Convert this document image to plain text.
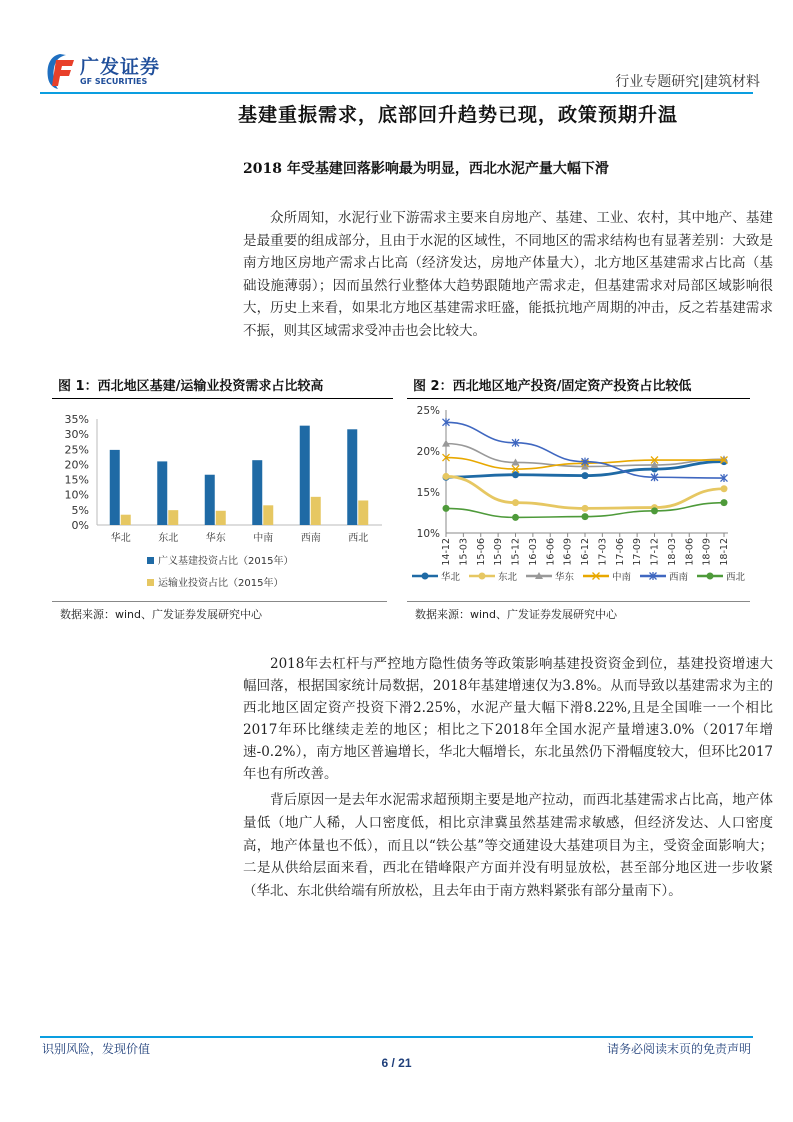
广发证券
GF SECURITIES	行业专题研究|建筑材料
基建重振需求，底部回升趋势已现，政策预期升温
2018 年受基建回落影响最为明显，西北水泥产量大幅下滑
众所周知，水泥行业下游需求主要来自房地产、基建、工业、农村，其中地产、基建是最重要的组成部分，且由于水泥的区域性，不同地区的需求结构也有显著差别：大致是南方地区房地产需求占比高（经济发达，房地产体量大），北方地区基建需求占比高（基础设施薄弱）；因而虽然行业整体大趋势跟随地产需求走，但基建需求对局部区域影响很大，历史上来看，如果北方地区基建需求旺盛，能抵抗地产周期的冲击，反之若基建需求不振，则其区域需求受冲击也会比较大。
图 1：西北地区基建/运输业投资需求占比较高
0%
5%
10%
15%
20%
25%
30%
35%
华北	东北	华东	中南	西南	西北
广义基建投资占比（2015年）
运输业投资占比（2015年）
数据来源：wind、广发证券发展研究中心
图 2：西北地区地产投资/固定资产投资占比较低
10%
15%
20%
25%
14-12 15-03 15-06 15-09 15-12 16-03 16-06 16-09 16-12 17-03 17-06 17-09 17-12 18-03 18-06 18-09 18-12
华北	东北	华东	中南	西南	西北
数据来源：wind、广发证券发展研究中心
2018年去杠杆与严控地方隐性债务等政策影响基建投资资金到位，基建投资增速大幅回落，根据国家统计局数据，2018年基建增速仅为3.8%。从而导致以基建需求为主的西北地区固定资产投资下滑2.25%，水泥产量大幅下滑8.22%,且是全国唯一一个相比2017年环比继续走差的地区；相比之下2018年全国水泥产量增速3.0%（2017年增速-0.2%），南方地区普遍增长，华北大幅增长，东北虽然仍下滑幅度较大，但环比2017年也有所改善。
背后原因一是去年水泥需求超预期主要是地产拉动，而西北基建需求占比高，地产体量低（地广人稀，人口密度低，相比京津冀虽然基建需求敏感，但经济发达、人口密度高，地产体量也不低），而且以“铁公基”等交通建设大基建项目为主，受资金面影响大；二是从供给层面来看，西北在错峰限产方面并没有明显放松，甚至部分地区进一步收紧（华北、东北供给端有所放松，且去年由于南方熟料紧张有部分量南下）。
识别风险，发现价值	请务必阅读末页的免责声明
6 / 21
